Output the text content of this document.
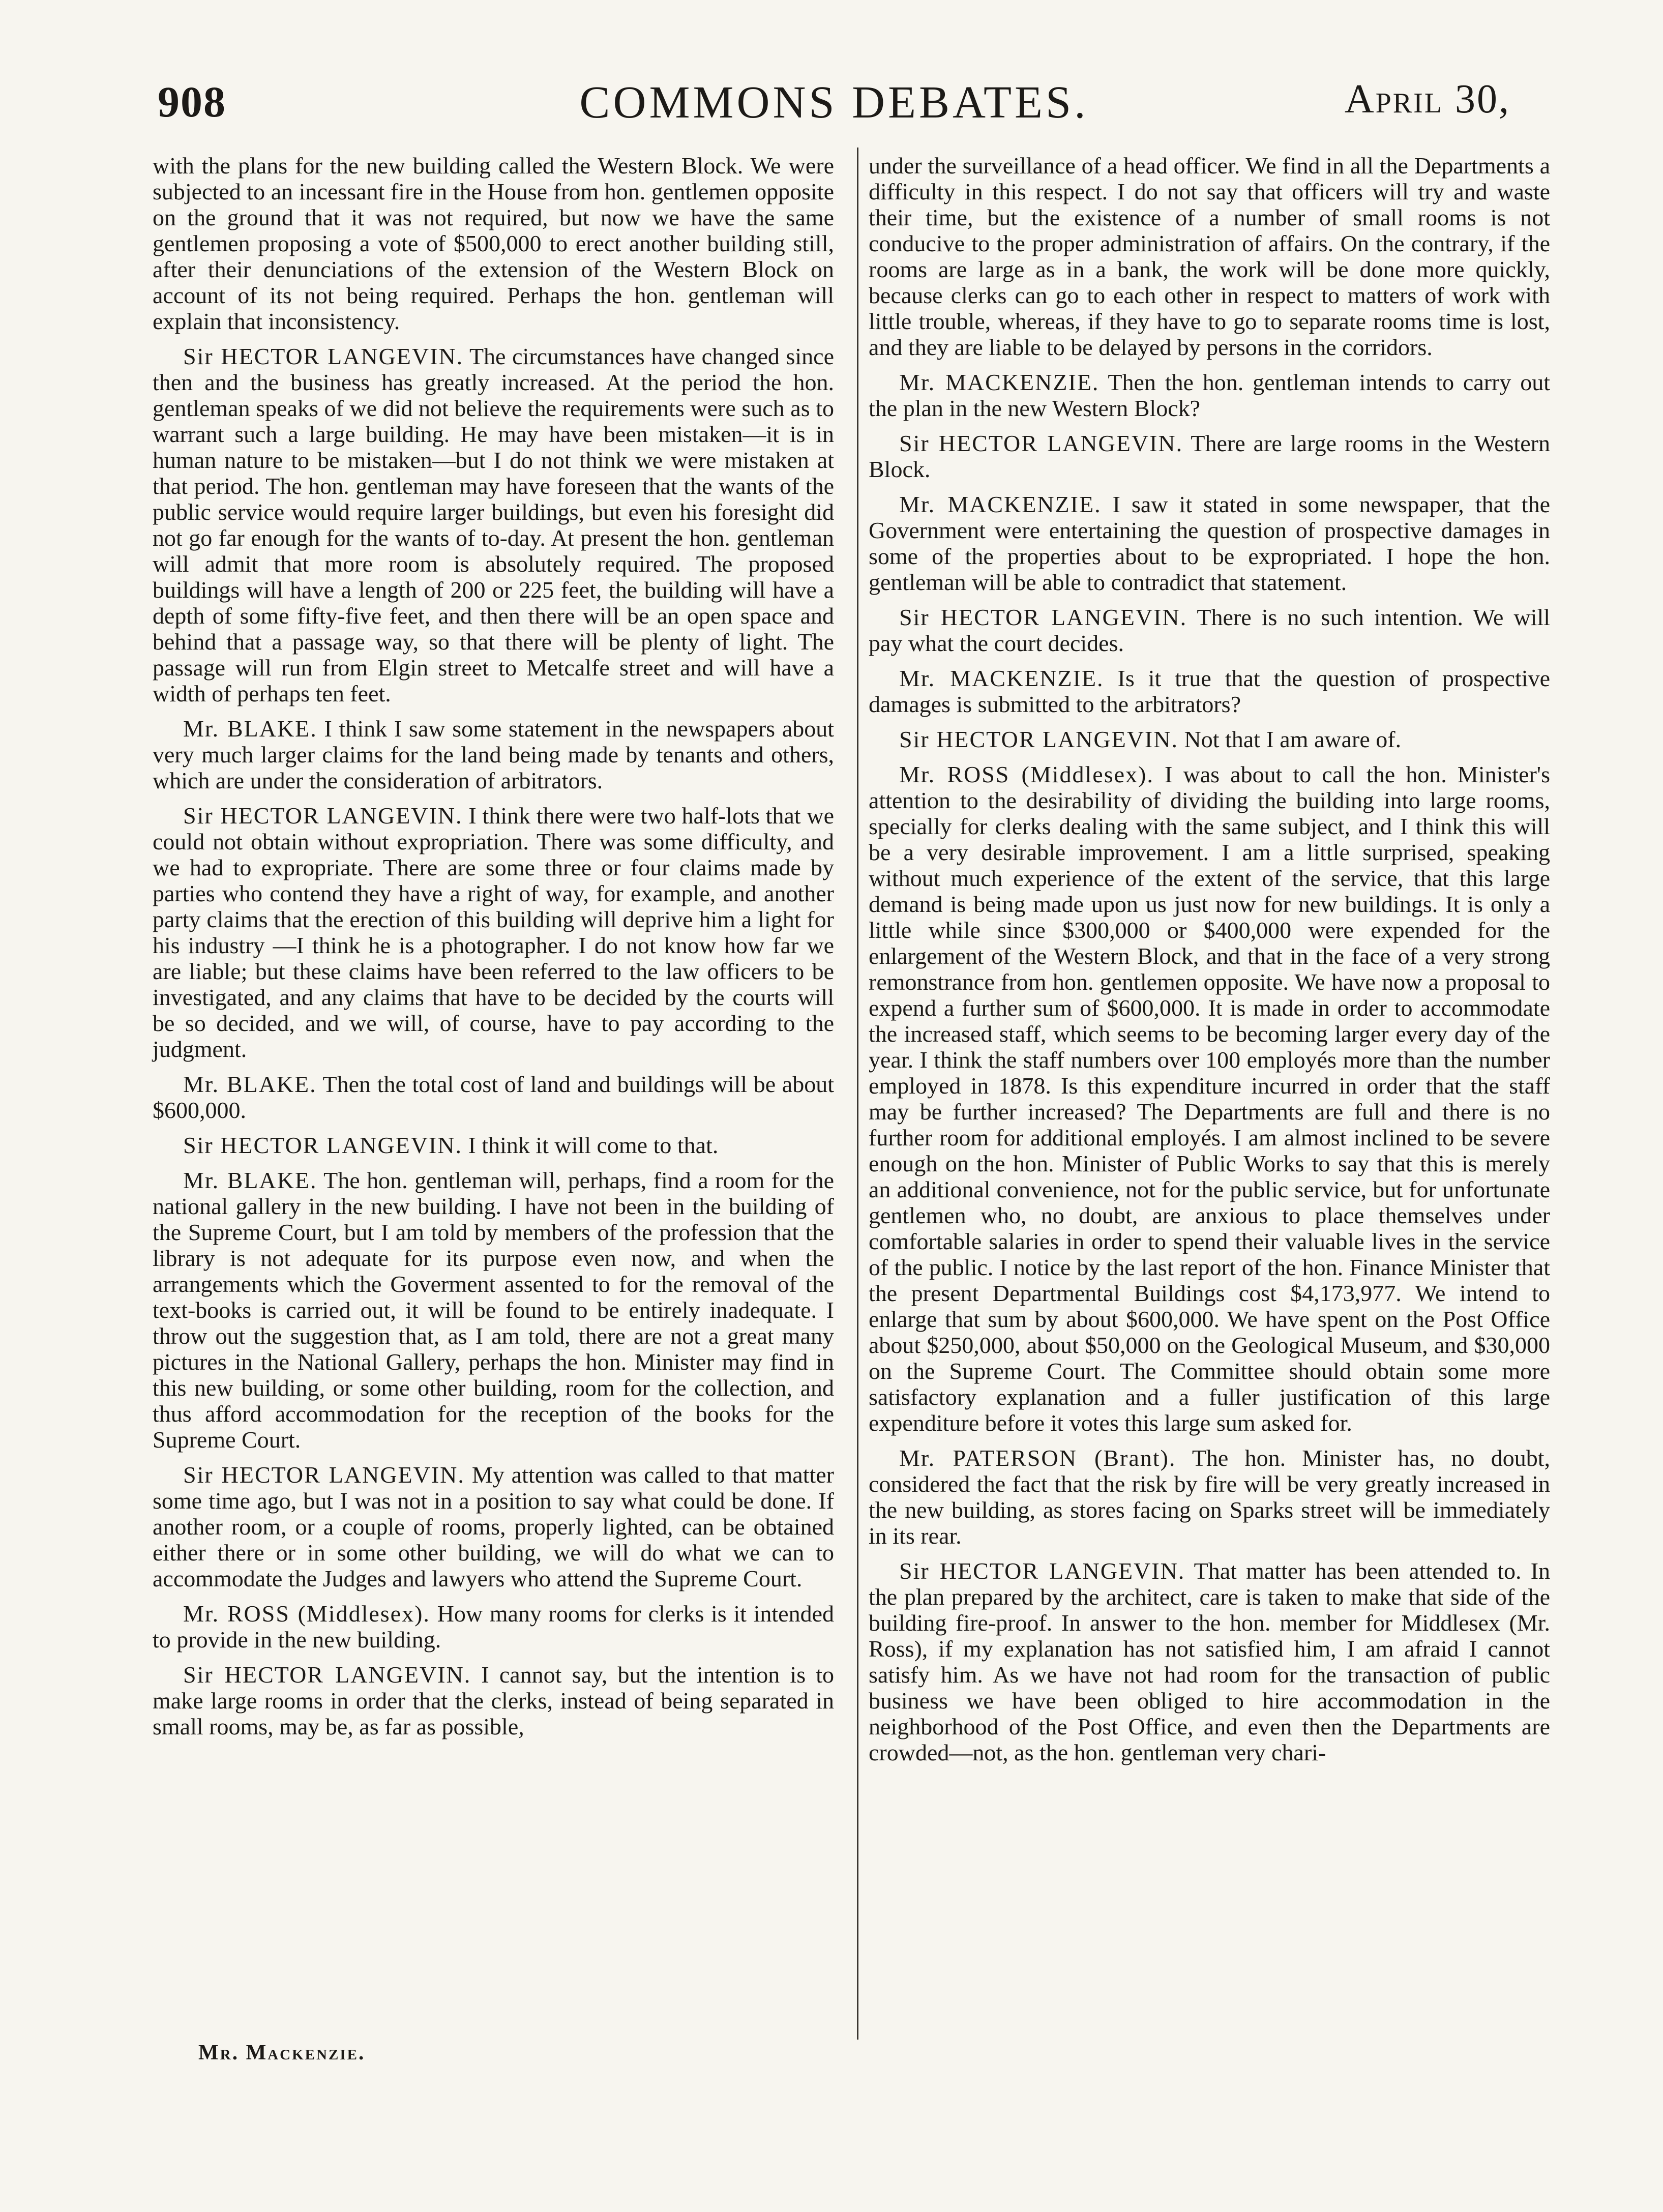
908	COMMONS DEBATES.	April 30,

with the plans for the new building called the Western Block. We were subjected to an incessant fire in the House from hon. gentlemen opposite on the ground that it was not required, but now we have the same gentlemen proposing a vote of $500,000 to erect another building still, after their denunciations of the extension of the Western Block on account of its not being required. Perhaps the hon. gentleman will explain that inconsistency.

Sir HECTOR LANGEVIN. The circumstances have changed since then and the business has greatly increased. At the period the hon. gentleman speaks of we did not believe the requirements were such as to warrant such a large building. He may have been mistaken—it is in human nature to be mistaken—but I do not think we were mistaken at that period. The hon. gentleman may have foreseen that the wants of the public service would require larger buildings, but even his foresight did not go far enough for the wants of to-day. At present the hon. gentleman will admit that more room is absolutely required. The proposed buildings will have a length of 200 or 225 feet, the building will have a depth of some fifty-five feet, and then there will be an open space and behind that a passage way, so that there will be plenty of light. The passage will run from Elgin street to Metcalfe street and will have a width of perhaps ten feet.

Mr. BLAKE. I think I saw some statement in the newspapers about very much larger claims for the land being made by tenants and others, which are under the consideration of arbitrators.

Sir HECTOR LANGEVIN. I think there were two half-lots that we could not obtain without expropriation. There was some difficulty, and we had to expropriate. There are some three or four claims made by parties who contend they have a right of way, for example, and another party claims that the erection of this building will deprive him a light for his industry —I think he is a photographer. I do not know how far we are liable; but these claims have been referred to the law officers to be investigated, and any claims that have to be decided by the courts will be so decided, and we will, of course, have to pay according to the judgment.

Mr. BLAKE. Then the total cost of land and buildings will be about $600,000.

Sir HECTOR LANGEVIN. I think it will come to that.

Mr. BLAKE. The hon. gentleman will, perhaps, find a room for the national gallery in the new building. I have not been in the building of the Supreme Court, but I am told by members of the profession that the library is not adequate for its purpose even now, and when the arrangements which the Goverment assented to for the removal of the text-books is carried out, it will be found to be entirely inadequate. I throw out the suggestion that, as I am told, there are not a great many pictures in the National Gallery, perhaps the hon. Minister may find in this new building, or some other building, room for the collection, and thus afford accommodation for the reception of the books for the Supreme Court.

Sir HECTOR LANGEVIN. My attention was called to that matter some time ago, but I was not in a position to say what could be done. If another room, or a couple of rooms, properly lighted, can be obtained either there or in some other building, we will do what we can to accommodate the Judges and lawyers who attend the Supreme Court.

Mr. ROSS (Middlesex). How many rooms for clerks is it intended to provide in the new building.

Sir HECTOR LANGEVIN. I cannot say, but the intention is to make large rooms in order that the clerks, instead of being separated in small rooms, may be, as far as possible,

under the surveillance of a head officer. We find in all the Departments a difficulty in this respect. I do not say that officers will try and waste their time, but the existence of a number of small rooms is not conducive to the proper administration of affairs. On the contrary, if the rooms are large as in a bank, the work will be done more quickly, because clerks can go to each other in respect to matters of work with little trouble, whereas, if they have to go to separate rooms time is lost, and they are liable to be delayed by persons in the corridors.

Mr. MACKENZIE. Then the hon. gentleman intends to carry out the plan in the new Western Block?

Sir HECTOR LANGEVIN. There are large rooms in the Western Block.

Mr. MACKENZIE. I saw it stated in some newspaper, that the Government were entertaining the question of prospective damages in some of the properties about to be expropriated. I hope the hon. gentleman will be able to contradict that statement.

Sir HECTOR LANGEVIN. There is no such intention. We will pay what the court decides.

Mr. MACKENZIE. Is it true that the question of prospective damages is submitted to the arbitrators?

Sir HECTOR LANGEVIN. Not that I am aware of.

Mr. ROSS (Middlesex). I was about to call the hon. Minister's attention to the desirability of dividing the building into large rooms, specially for clerks dealing with the same subject, and I think this will be a very desirable improvement. I am a little surprised, speaking without much experience of the extent of the service, that this large demand is being made upon us just now for new buildings. It is only a little while since $300,000 or $400,000 were expended for the enlargement of the Western Block, and that in the face of a very strong remonstrance from hon. gentlemen opposite. We have now a proposal to expend a further sum of $600,000. It is made in order to accommodate the increased staff, which seems to be becoming larger every day of the year. I think the staff numbers over 100 employés more than the number employed in 1878. Is this expenditure incurred in order that the staff may be further increased? The Departments are full and there is no further room for additional employés. I am almost inclined to be severe enough on the hon. Minister of Public Works to say that this is merely an additional convenience, not for the public service, but for unfortunate gentlemen who, no doubt, are anxious to place themselves under comfortable salaries in order to spend their valuable lives in the service of the public. I notice by the last report of the hon. Finance Minister that the present Departmental Buildings cost $4,173,977. We intend to enlarge that sum by about $600,000. We have spent on the Post Office about $250,000, about $50,000 on the Geological Museum, and $30,000 on the Supreme Court. The Committee should obtain some more satisfactory explanation and a fuller justification of this large expenditure before it votes this large sum asked for.

Mr. PATERSON (Brant). The hon. Minister has, no doubt, considered the fact that the risk by fire will be very greatly increased in the new building, as stores facing on Sparks street will be immediately in its rear.

Sir HECTOR LANGEVIN. That matter has been attended to. In the plan prepared by the architect, care is taken to make that side of the building fire-proof. In answer to the hon. member for Middlesex (Mr. Ross), if my explanation has not satisfied him, I am afraid I cannot satisfy him. As we have not had room for the transaction of public business we have been obliged to hire accommodation in the neighborhood of the Post Office, and even then the Departments are crowded—not, as the hon. gentleman very chari-

Mr. Mackenzie.
